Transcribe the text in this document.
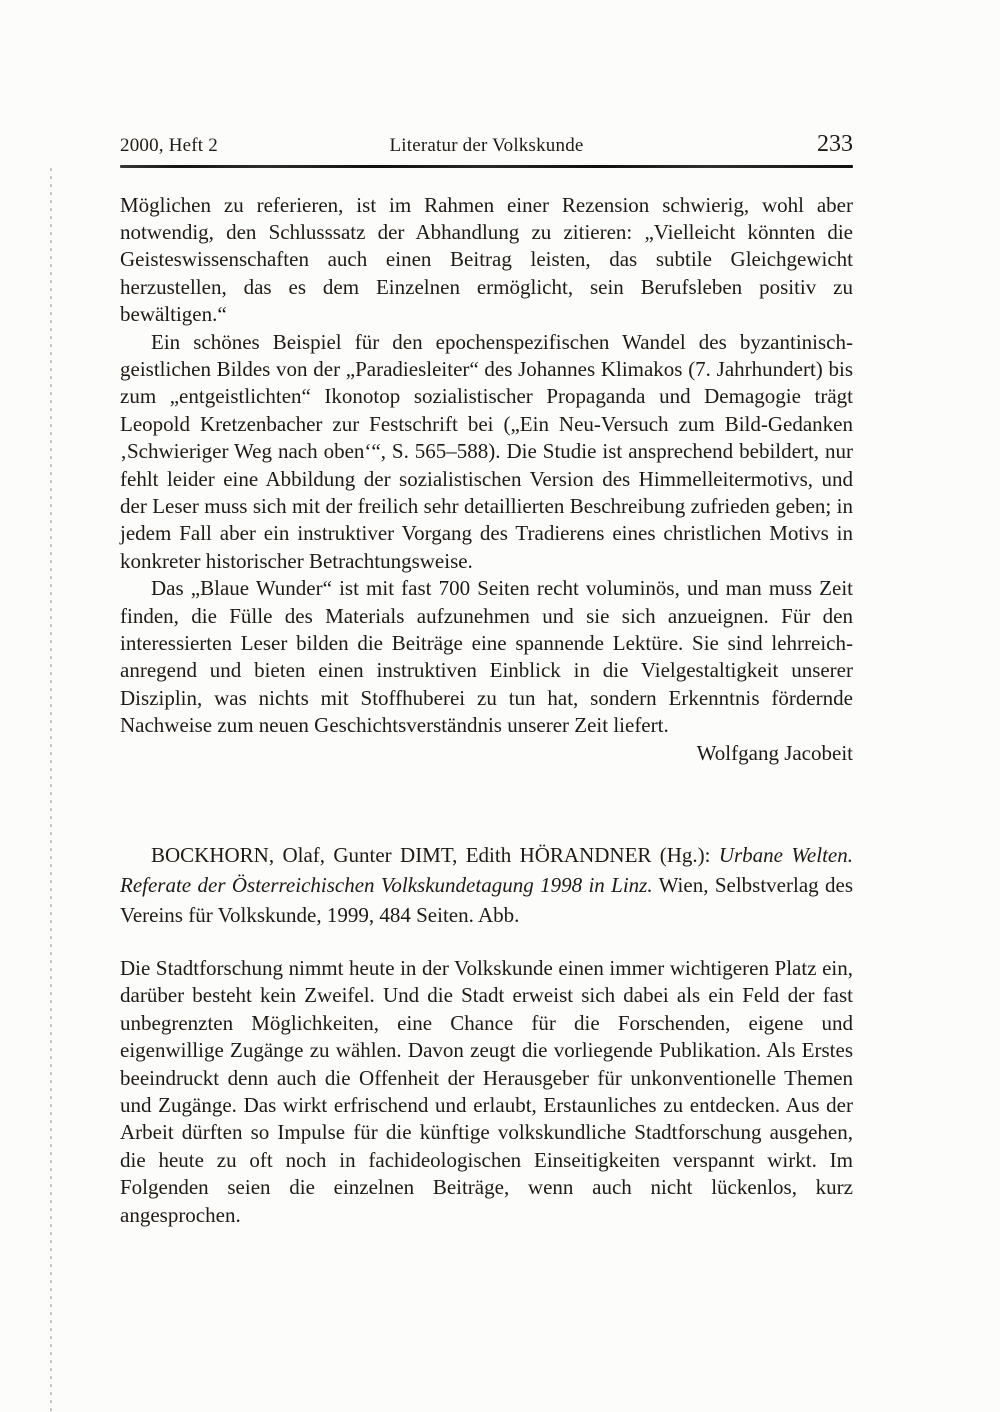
2000, Heft 2	Literatur der Volkskunde	233

Möglichen zu referieren, ist im Rahmen einer Rezension schwierig, wohl aber notwendig, den Schlusssatz der Abhandlung zu zitieren: „Vielleicht könnten die Geisteswissenschaften auch einen Beitrag leisten, das subtile Gleichgewicht herzustellen, das es dem Einzelnen ermöglicht, sein Berufsleben positiv zu bewältigen.“

Ein schönes Beispiel für den epochenspezifischen Wandel des byzantinisch-geistlichen Bildes von der „Paradiesleiter“ des Johannes Klimakos (7. Jahrhundert) bis zum „entgeistlichten“ Ikonotop sozialistischer Propaganda und Demagogie trägt Leopold Kretzenbacher zur Festschrift bei („Ein Neu-Versuch zum Bild-Gedanken ‚Schwieriger Weg nach oben‘“, S. 565–588). Die Studie ist ansprechend bebildert, nur fehlt leider eine Abbildung der sozialistischen Version des Himmelleitermotivs, und der Leser muss sich mit der freilich sehr detaillierten Beschreibung zufrieden geben; in jedem Fall aber ein instruktiver Vorgang des Tradierens eines christlichen Motivs in konkreter historischer Betrachtungsweise.

Das „Blaue Wunder“ ist mit fast 700 Seiten recht voluminös, und man muss Zeit finden, die Fülle des Materials aufzunehmen und sie sich anzueignen. Für den interessierten Leser bilden die Beiträge eine spannende Lektüre. Sie sind lehrreich-anregend und bieten einen instruktiven Einblick in die Vielgestaltigkeit unserer Disziplin, was nichts mit Stoffhuberei zu tun hat, sondern Erkenntnis fördernde Nachweise zum neuen Geschichtsverständnis unserer Zeit liefert.

Wolfgang Jacobeit
BOCKHORN, Olaf, Gunter DIMT, Edith HÖRANDNER (Hg.): Urbane Welten. Referate der Österreichischen Volkskundetagung 1998 in Linz. Wien, Selbstverlag des Vereins für Volkskunde, 1999, 484 Seiten. Abb.

Die Stadtforschung nimmt heute in der Volkskunde einen immer wichtigeren Platz ein, darüber besteht kein Zweifel. Und die Stadt erweist sich dabei als ein Feld der fast unbegrenzten Möglichkeiten, eine Chance für die Forschenden, eigene und eigenwillige Zugänge zu wählen. Davon zeugt die vorliegende Publikation. Als Erstes beeindruckt denn auch die Offenheit der Herausgeber für unkonventionelle Themen und Zugänge. Das wirkt erfrischend und erlaubt, Erstaunliches zu entdecken. Aus der Arbeit dürften so Impulse für die künftige volkskundliche Stadtforschung ausgehen, die heute zu oft noch in fachideologischen Einseitigkeiten verspannt wirkt. Im Folgenden seien die einzelnen Beiträge, wenn auch nicht lückenlos, kurz angesprochen.
